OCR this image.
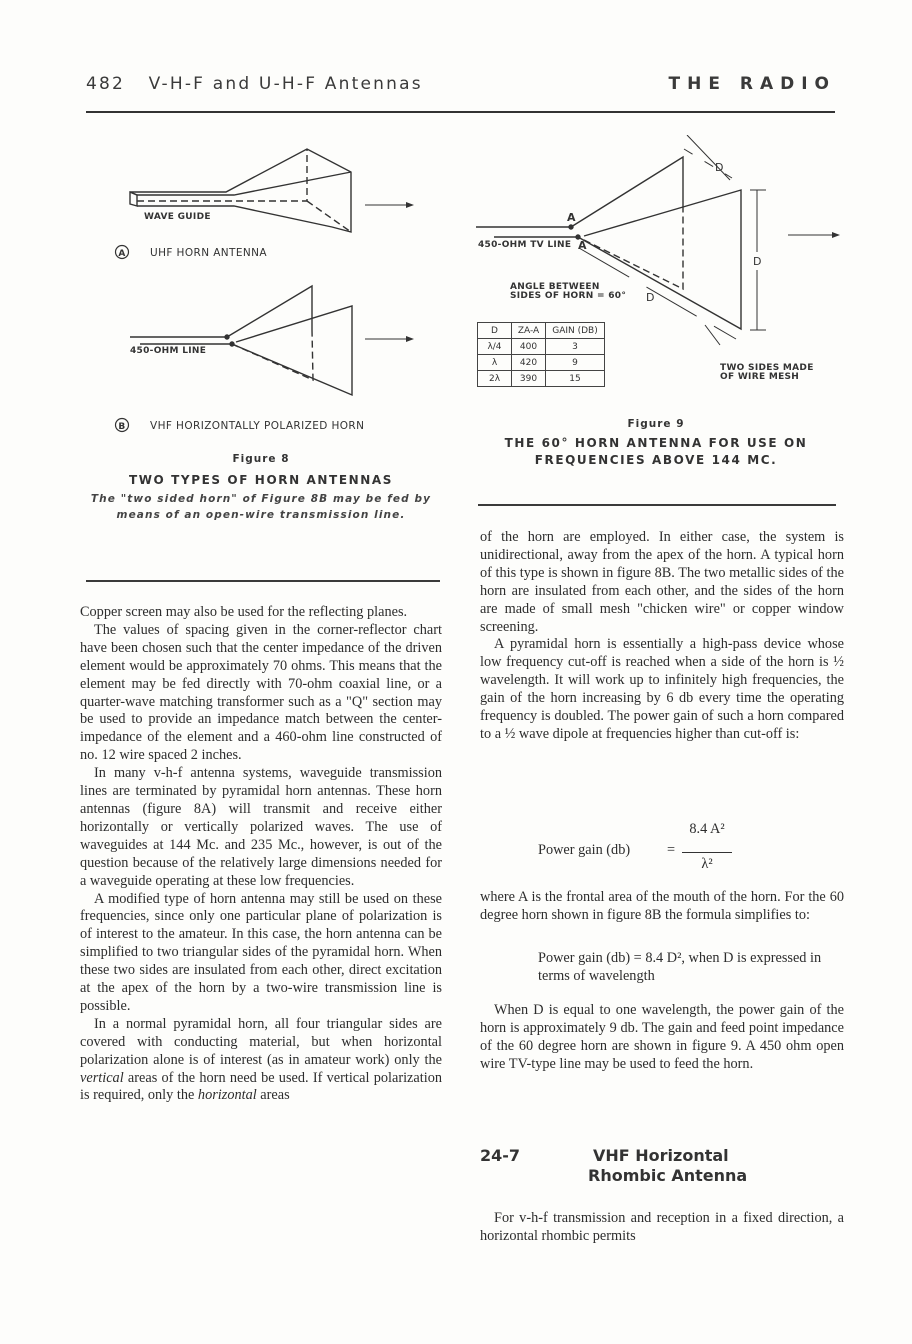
482 V-H-F and U-H-F Antennas	THE RADIO
WAVE GUIDE
A UHF HORN ANTENNA
450-OHM LINE
B VHF HORIZONTALLY POLARIZED HORN
Figure 8
TWO TYPES OF HORN ANTENNAS
The "two sided horn" of Figure 8B may be fed by means of an open-wire transmission line.
A
A
450-OHM TV LINE
ANGLE BETWEEN
SIDES OF HORN = 60°
D
D
D
TWO SIDES MADE
OF WIRE MESH
D	ZA-A	GAIN (DB)
λ/4	400	3
λ	420	9
2λ	390	15
Figure 9
THE 60° HORN ANTENNA FOR USE ON
FREQUENCIES ABOVE 144 MC.

Copper screen may also be used for the reflecting planes.

The values of spacing given in the corner-reflector chart have been chosen such that the center impedance of the driven element would be approximately 70 ohms. This means that the element may be fed directly with 70-ohm coaxial line, or a quarter-wave matching transformer such as a "Q" section may be used to provide an impedance match between the center-impedance of the element and a 460-ohm line constructed of no. 12 wire spaced 2 inches.

In many v-h-f antenna systems, waveguide transmission lines are terminated by pyramidal horn antennas. These horn antennas (figure 8A) will transmit and receive either horizontally or vertically polarized waves. The use of waveguides at 144 Mc. and 235 Mc., however, is out of the question because of the relatively large dimensions needed for a waveguide operating at these low frequencies.

A modified type of horn antenna may still be used on these frequencies, since only one particular plane of polarization is of interest to the amateur. In this case, the horn antenna can be simplified to two triangular sides of the pyramidal horn. When these two sides are insulated from each other, direct excitation at the apex of the horn by a two-wire transmission line is possible.

In a normal pyramidal horn, all four triangular sides are covered with conducting material, but when horizontal polarization alone is of interest (as in amateur work) only the vertical areas of the horn need be used. If vertical polarization is required, only the horizontal areas

of the horn are employed. In either case, the system is unidirectional, away from the apex of the horn. A typical horn of this type is shown in figure 8B. The two metallic sides of the horn are insulated from each other, and the sides of the horn are made of small mesh "chicken wire" or copper window screening.

A pyramidal horn is essentially a high-pass device whose low frequency cut-off is reached when a side of the horn is ½ wavelength. It will work up to infinitely high frequencies, the gain of the horn increasing by 6 db every time the operating frequency is doubled. The power gain of such a horn compared to a ½ wave dipole at frequencies higher than cut-off is:

Power gain (db)	=
8.4 A²
λ²

where A is the frontal area of the mouth of the horn. For the 60 degree horn shown in figure 8B the formula simplifies to:

Power gain (db) = 8.4 D², when D is expressed in terms of wavelength

When D is equal to one wavelength, the power gain of the horn is approximately 9 db. The gain and feed point impedance of the 60 degree horn are shown in figure 9. A 450 ohm open wire TV-type line may be used to feed the horn.

24-7	VHF Horizontal
Rhombic Antenna

For v-h-f transmission and reception in a fixed direction, a horizontal rhombic permits
